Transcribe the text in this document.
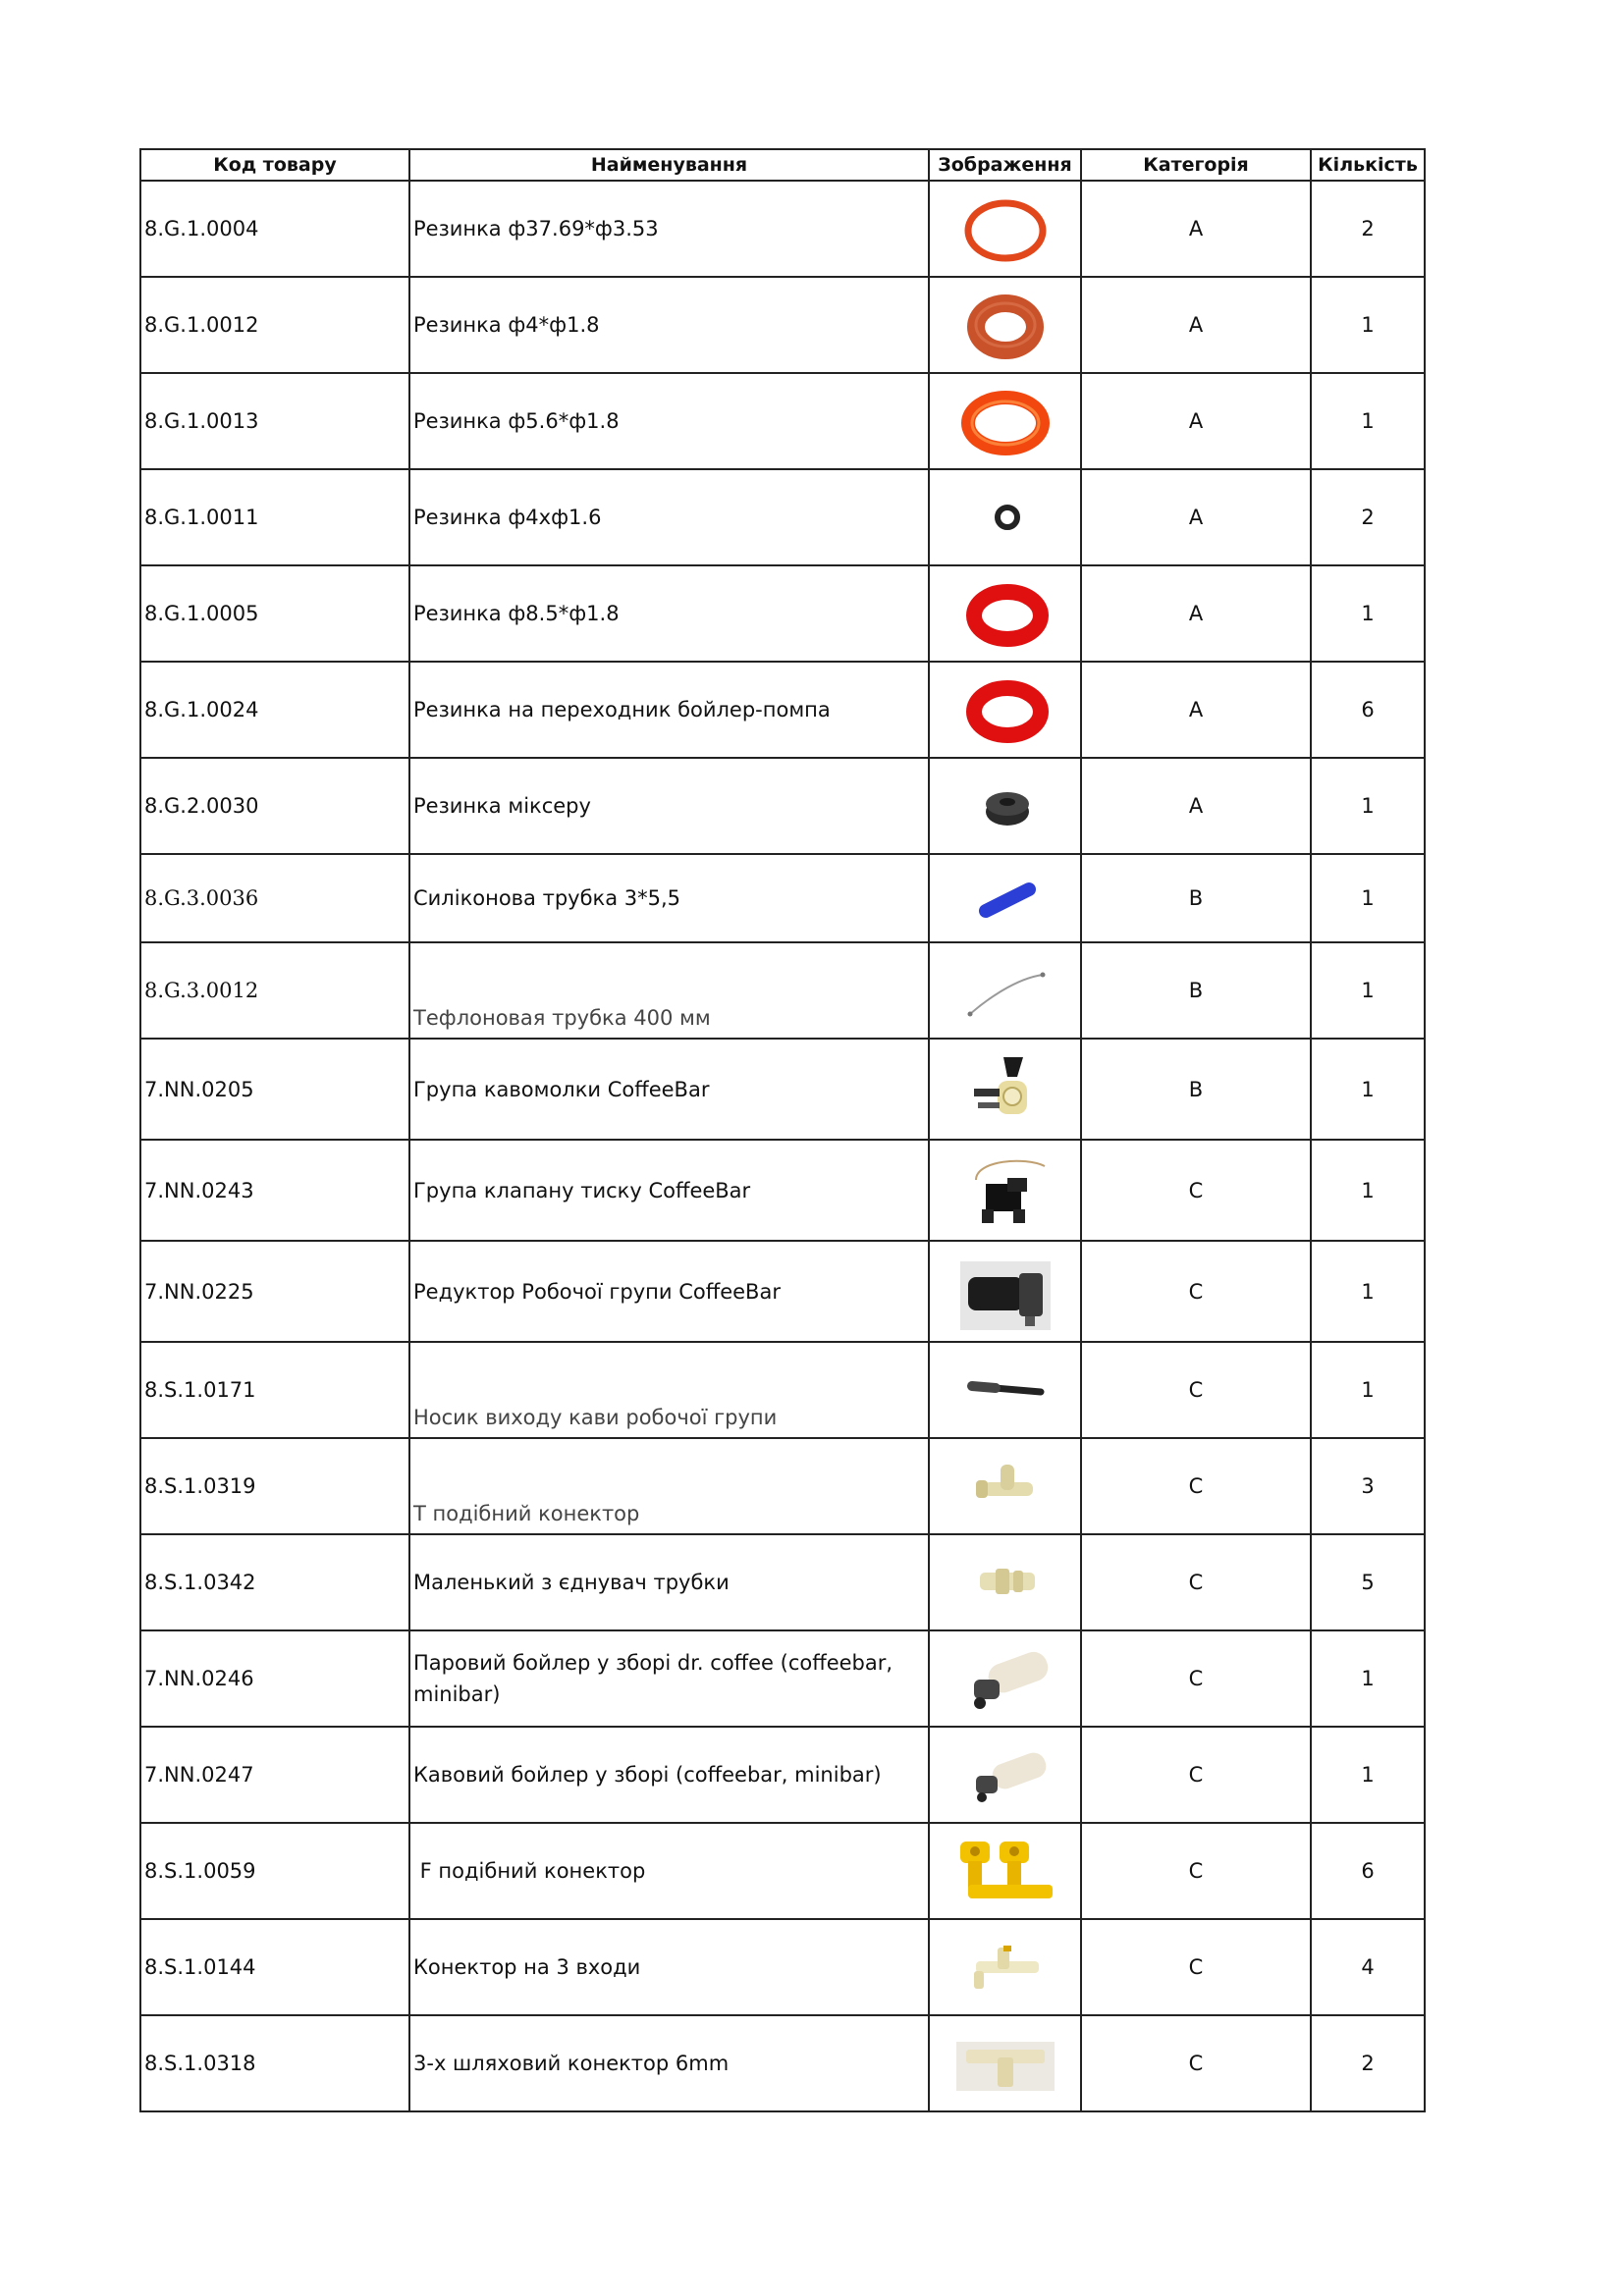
Код товару	Найменування	Зображення	Категорія	Кількість
8.G.1.0004	Резинка ф37.69*ф3.53		A	2
8.G.1.0012	Резинка ф4*ф1.8		A	1
8.G.1.0013	Резинка ф5.6*ф1.8		A	1
8.G.1.0011	Резинка ф4хф1.6		A	2
8.G.1.0005	Резинка ф8.5*ф1.8		A	1
8.G.1.0024	Резинка на переходник бойлер-помпа		A	6
8.G.2.0030	Резинка міксеру		A	1
8.G.3.0036	Силіконова трубка 3*5,5		B	1
8.G.3.0012	Тефлоновая трубка 400 мм		B	1
7.NN.0205	Група кавомолки CoffeeBar		B	1
7.NN.0243	Група клапану тиску CoffeeBar		C	1
7.NN.0225	Редуктор Робочої групи CoffeeBar		C	1
8.S.1.0171	Носик виходу кави робочої групи		C	1
8.S.1.0319	Т подібний конектор		C	3
8.S.1.0342	Маленький з єднувач трубки		C	5
7.NN.0246	Паровий бойлер у зборі dr. coffee (coffeebar, minibar)		C	1
7.NN.0247	Кавовий бойлер у зборі (coffeebar, minibar)		C	1
8.S.1.0059	F подібний конектор		C	6
8.S.1.0144	Конектор на 3 входи		C	4
8.S.1.0318	3-х шляховий конектор 6mm		C	2
